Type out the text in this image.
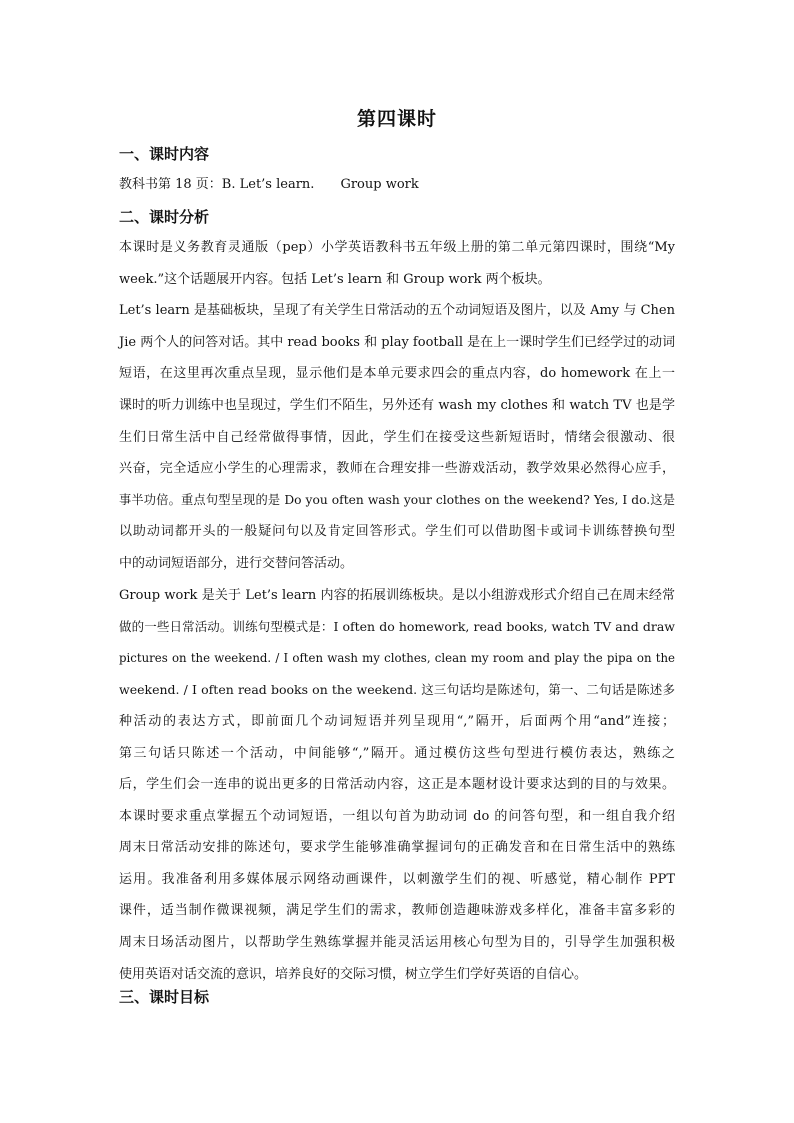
第四课时
一、课时内容
教科书第 18 页：B. Let’s learn. Group work
二、课时分析
本课时是义务教育灵通版（pep）小学英语教科书五年级上册的第二单元第四课时，围绕“My
week.”这个话题展开内容。包括 Let’s learn 和 Group work 两个板块。
Let’s learn 是基础板块，呈现了有关学生日常活动的五个动词短语及图片，以及 Amy 与 Chen
Jie 两个人的问答对话。其中 read books 和 play football 是在上一课时学生们已经学过的动词
短语，在这里再次重点呈现，显示他们是本单元要求四会的重点内容，do homework 在上一
课时的听力训练中也呈现过，学生们不陌生，另外还有 wash my clothes 和 watch TV 也是学
生们日常生活中自己经常做得事情，因此，学生们在接受这些新短语时，情绪会很激动、很
兴奋，完全适应小学生的心理需求，教师在合理安排一些游戏活动，教学效果必然得心应手，
事半功倍。重点句型呈现的是 Do you often wash your clothes on the weekend? Yes, I do.这是
以助动词都开头的一般疑问句以及肯定回答形式。学生们可以借助图卡或词卡训练替换句型
中的动词短语部分，进行交替问答活动。
Group work 是关于 Let’s learn 内容的拓展训练板块。是以小组游戏形式介绍自己在周末经常
做的一些日常活动。训练句型模式是：I often do homework, read books, watch TV and draw
pictures on the weekend. / I often wash my clothes, clean my room and play the pipa on the
weekend. / I often read books on the weekend. 这三句话均是陈述句，第一、二句话是陈述多
种活动的表达方式，即前面几个动词短语并列呈现用“,”隔开，后面两个用“and”连接；
第三句话只陈述一个活动，中间能够“,”隔开。通过模仿这些句型进行模仿表达，熟练之
后，学生们会一连串的说出更多的日常活动内容，这正是本题材设计要求达到的目的与效果。
本课时要求重点掌握五个动词短语，一组以句首为助动词 do 的问答句型，和一组自我介绍
周末日常活动安排的陈述句，要求学生能够准确掌握词句的正确发音和在日常生活中的熟练
运用。我准备利用多媒体展示网络动画课件，以刺激学生们的视、听感觉，精心制作 PPT
课件，适当制作微课视频，满足学生们的需求，教师创造趣味游戏多样化，准备丰富多彩的
周末日场活动图片，以帮助学生熟练掌握并能灵活运用核心句型为目的，引导学生加强积极
使用英语对话交流的意识，培养良好的交际习惯，树立学生们学好英语的自信心。
三、课时目标
